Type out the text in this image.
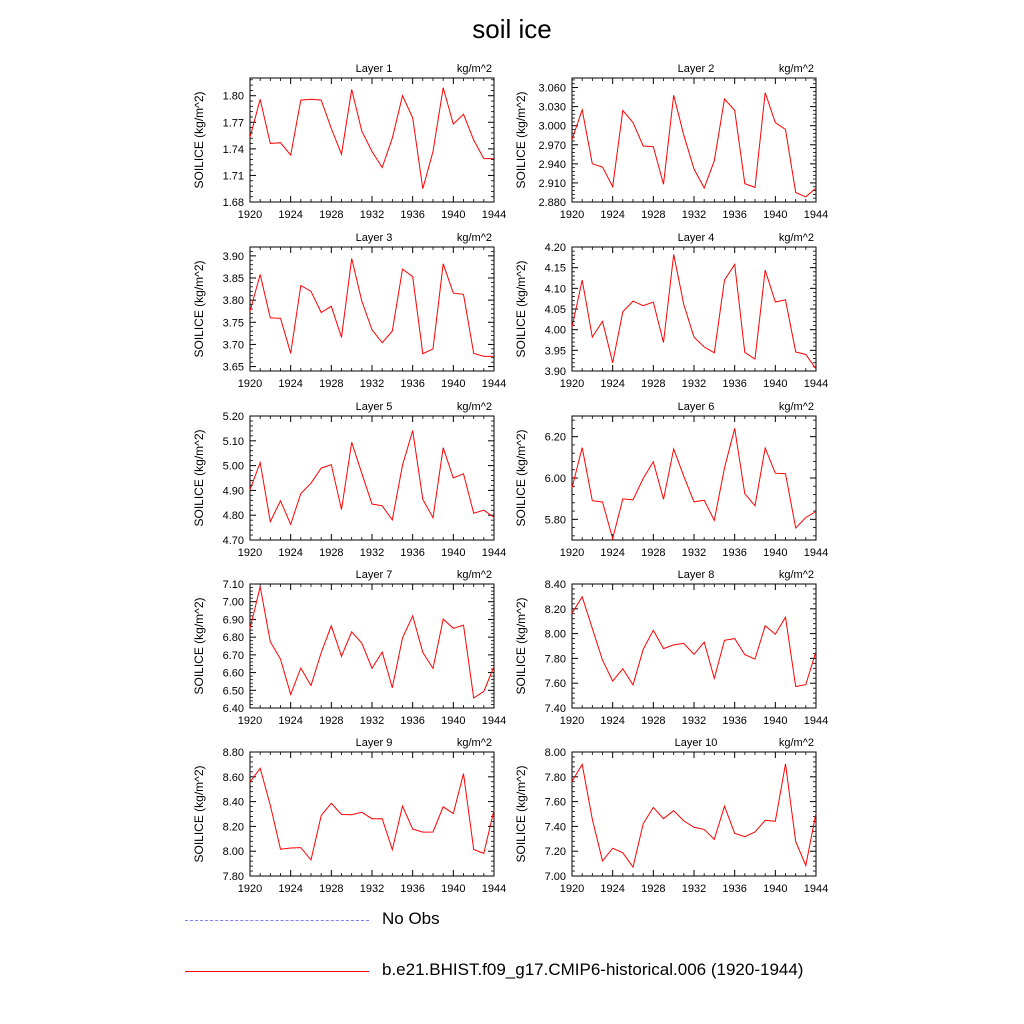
soil ice
Layer 1	kg/m^2
SOILICE (kg/m^2)
1920 1924 1928 1932 1936 1940 1944
1.68
1.71
1.74
1.77
1.80
Layer 2	kg/m^2
SOILICE (kg/m^2)
1920 1924 1928 1932 1936 1940 1944
2.880
2.910
2.940
2.970
3.000
3.030
3.060
Layer 3	kg/m^2
SOILICE (kg/m^2)
1920 1924 1928 1932 1936 1940 1944
3.65
3.70
3.75
3.80
3.85
3.90
Layer 4	kg/m^2
SOILICE (kg/m^2)
1920 1924 1928 1932 1936 1940 1944
3.90
3.95
4.00
4.05
4.10
4.15
4.20
Layer 5	kg/m^2
SOILICE (kg/m^2)
1920 1924 1928 1932 1936 1940 1944
4.70
4.80
4.90
5.00
5.10
5.20
Layer 6	kg/m^2
SOILICE (kg/m^2)
1920 1924 1928 1932 1936 1940 1944
5.80
6.00
6.20
Layer 7	kg/m^2
SOILICE (kg/m^2)
1920 1924 1928 1932 1936 1940 1944
6.40
6.50
6.60
6.70
6.80
6.90
7.00
7.10
Layer 8	kg/m^2
SOILICE (kg/m^2)
1920 1924 1928 1932 1936 1940 1944
7.40
7.60
7.80
8.00
8.20
8.40
Layer 9	kg/m^2
SOILICE (kg/m^2)
1920 1924 1928 1932 1936 1940 1944
7.80
8.00
8.20
8.40
8.60
8.80
Layer 10	kg/m^2
SOILICE (kg/m^2)
1920 1924 1928 1932 1936 1940 1944
7.00
7.20
7.40
7.60
7.80
8.00
No Obs
b.e21.BHIST.f09_g17.CMIP6-historical.006 (1920-1944)
